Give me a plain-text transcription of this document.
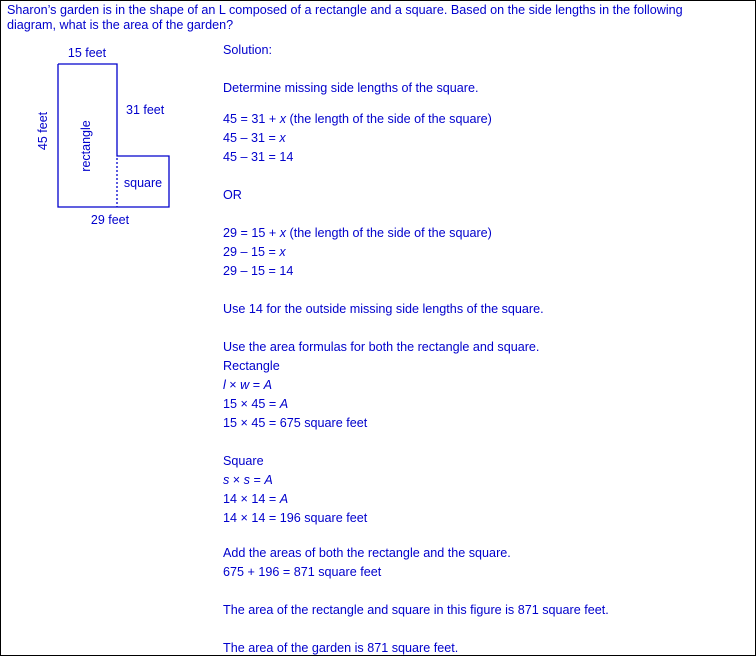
Sharon’s garden is in the shape of an L composed of a rectangle and a square. Based on the side lengths in the following
diagram, what is the area of the garden?

15 feet
31 feet
29 feet
45 feet rectangle
square
Solution:
Determine missing side lengths of the square.
45 = 31 + x (the length of the side of the square)
45 – 31 = x
45 – 31 = 14
OR
29 = 15 + x (the length of the side of the square)
29 – 15 = x
29 – 15 = 14
Use 14 for the outside missing side lengths of the square.
Use the area formulas for both the rectangle and square.
Rectangle
l × w = A
15 × 45 = A
15 × 45 = 675 square feet
Square
s × s = A
14 × 14 = A
14 × 14 = 196 square feet
Add the areas of both the rectangle and the square.
675 + 196 = 871 square feet
The area of the rectangle and square in this figure is 871 square feet.
The area of the garden is 871 square feet.
